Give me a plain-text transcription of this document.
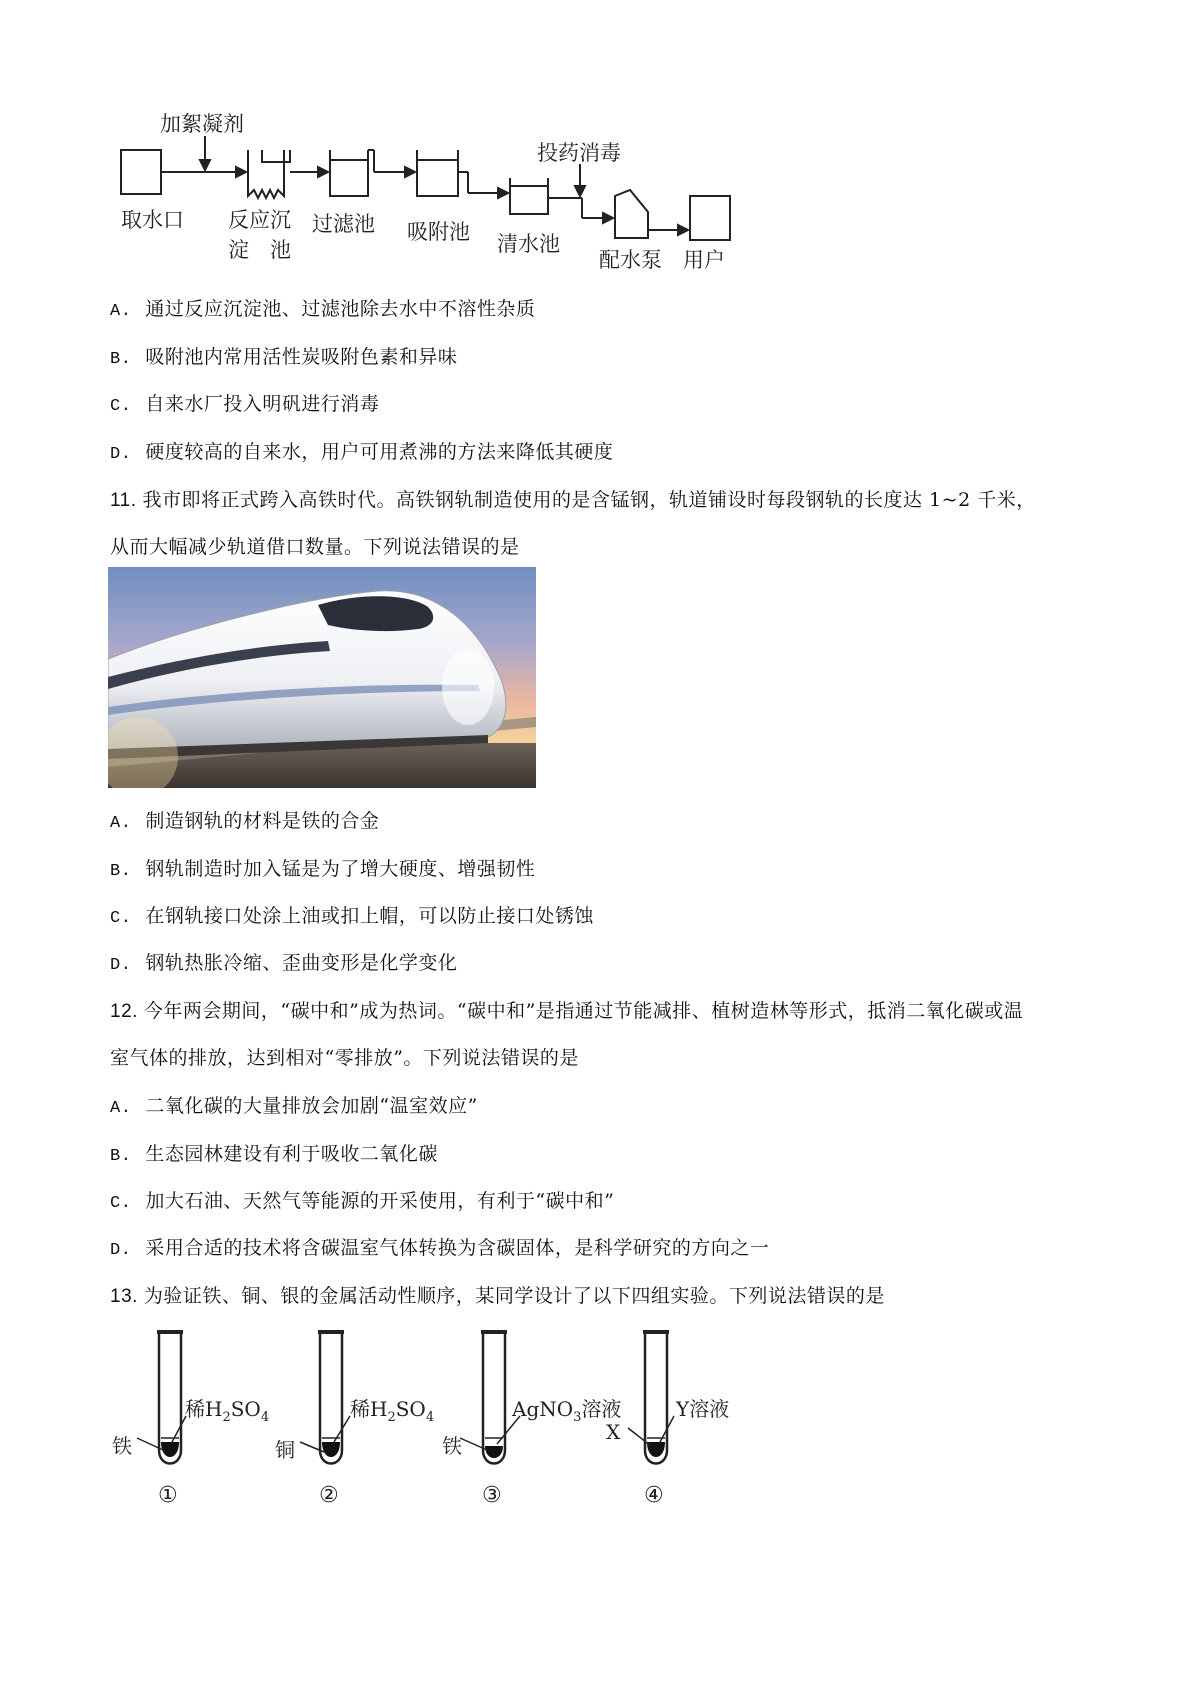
加絮凝剂
投药消毒
取水口 反应沉
淀　池
过滤池 吸附池 清水池
配水泵 用户
A. 通过反应沉淀池、过滤池除去水中不溶性杂质
B. 吸附池内常用活性炭吸附色素和异味
C. 自来水厂投入明矾进行消毒
D. 硬度较高的自来水，用户可用煮沸的方法来降低其硬度
11. 我市即将正式跨入高铁时代。高铁钢轨制造使用的是含锰钢，轨道铺设时每段钢轨的长度达 1~2 千米，
从而大幅减少轨道借口数量。下列说法错误的是
A. 制造钢轨的材料是铁的合金
B. 钢轨制造时加入锰是为了增大硬度、增强韧性
C. 在钢轨接口处涂上油或扣上帽，可以防止接口处锈蚀
D. 钢轨热胀冷缩、歪曲变形是化学变化
12. 今年两会期间，“碳中和”成为热词。“碳中和”是指通过节能减排、植树造林等形式，抵消二氧化碳或温
室气体的排放，达到相对“零排放”。下列说法错误的是
A. 二氧化碳的大量排放会加剧“温室效应”
B. 生态园林建设有利于吸收二氧化碳
C. 加大石油、天然气等能源的开采使用，有利于“碳中和”
D. 采用合适的技术将含碳温室气体转换为含碳固体，是科学研究的方向之一
13. 为验证铁、铜、银的金属活动性顺序，某同学设计了以下四组实验。下列说法错误的是
稀$H_2SO_4$
铁
①
稀$H_2SO_4$
铜
②
AgNO$_3$溶液
铁
③
Y溶液
X
④
